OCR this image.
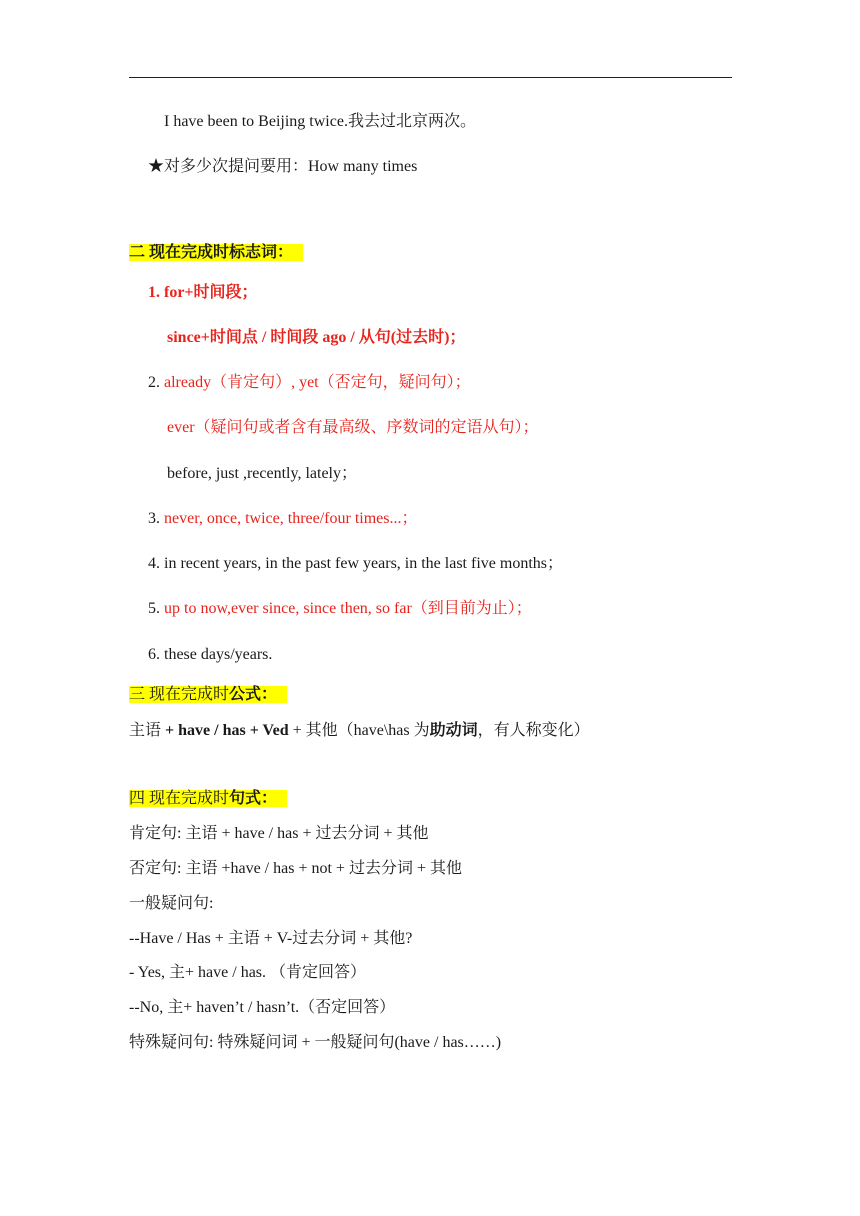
I have been to Beijing twice.我去过北京两次。
★对多少次提问要用：How many times
二 现在完成时标志词：
1. for+时间段；
since+时间点 / 时间段 ago / 从句(过去时)；
2. already（肯定句）, yet（否定句，疑问句）；
ever（疑问句或者含有最高级、序数词的定语从句）；
before, just ,recently, lately；
3. never, once, twice, three/four times...；
4. in recent years, in the past few years, in the last five months；
5. up to now,ever since, since then, so far（到目前为止）；
6. these days/years.
三 现在完成时公式：
主语 + have / has + Ved + 其他（have\has 为助动词，有人称变化）
四 现在完成时句式：
肯定句: 主语 + have / has + 过去分词 + 其他
否定句: 主语 +have / has + not + 过去分词 + 其他
一般疑问句:
--Have / Has + 主语 + V-过去分词 + 其他?
- Yes, 主+ have / has. （肯定回答）
--No, 主+ haven’t / hasn’t.（否定回答）
特殊疑问句: 特殊疑问词 + 一般疑问句(have / has……)
